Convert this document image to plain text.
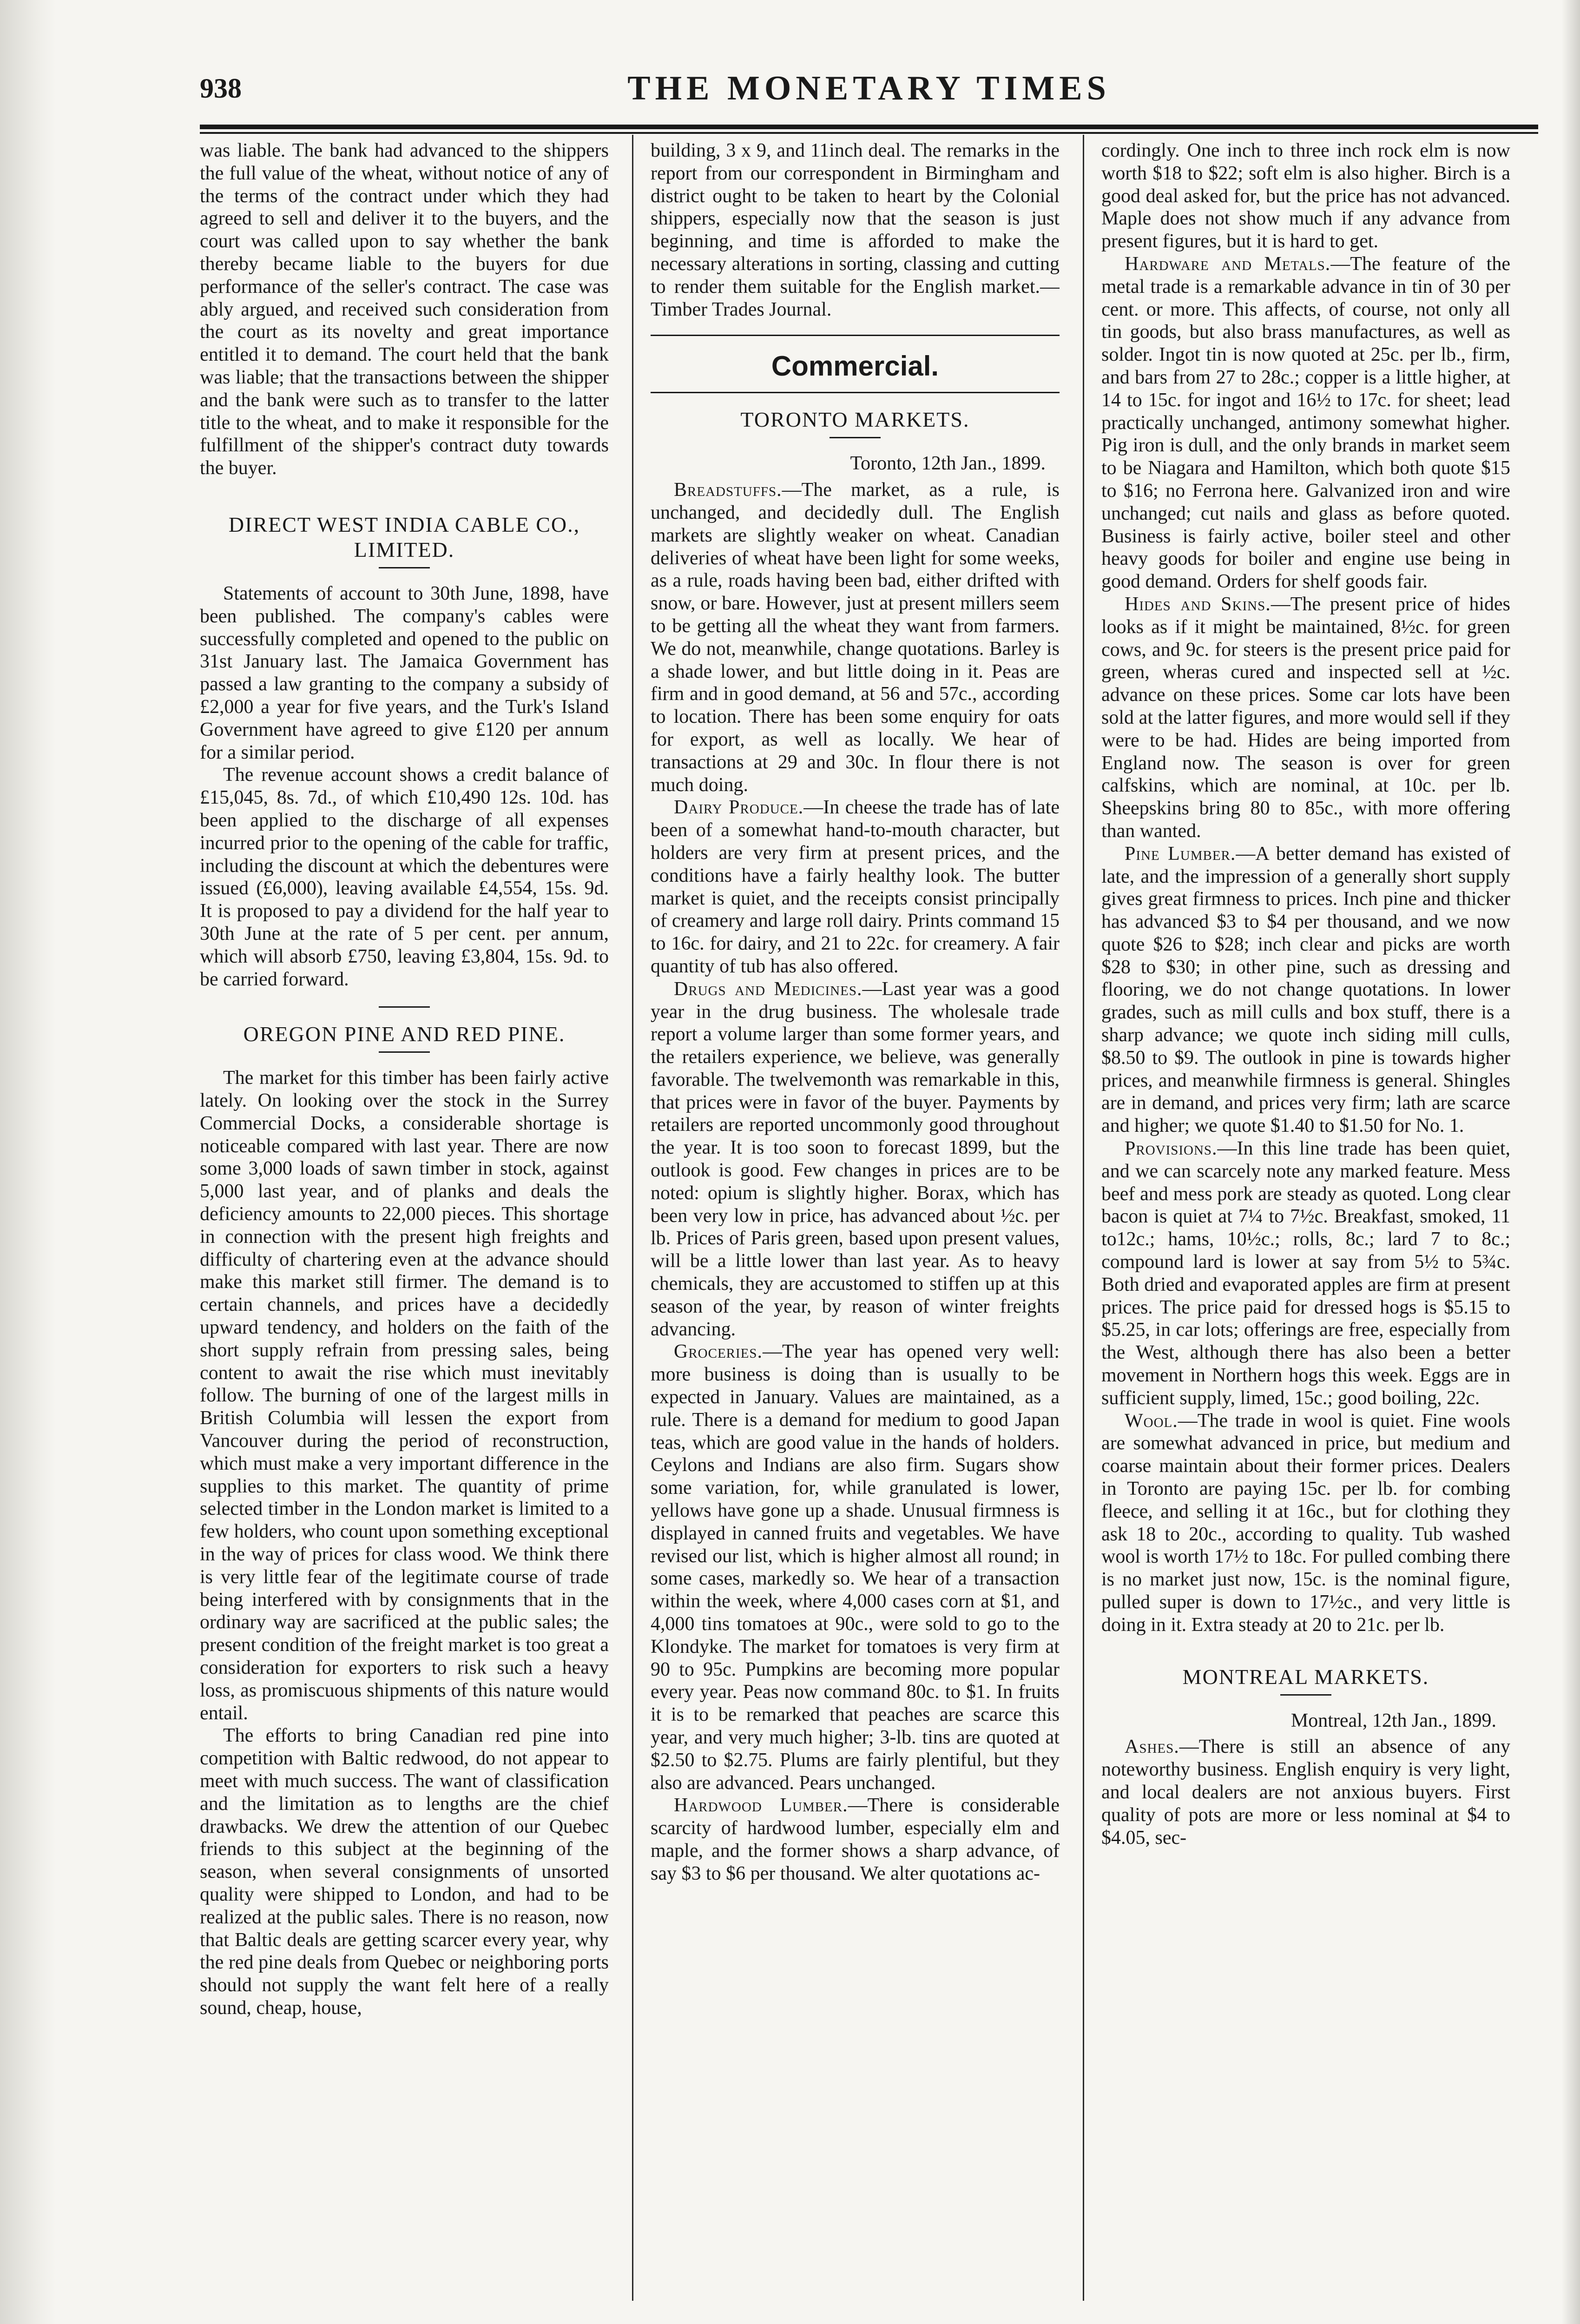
938	THE MONETARY TIMES

was liable. The bank had advanced to the shippers the full value of the wheat, without notice of any of the terms of the contract under which they had agreed to sell and deliver it to the buyers, and the court was called upon to say whether the bank thereby became liable to the buyers for due performance of the seller's contract. The case was ably argued, and received such consideration from the court as its novelty and great importance entitled it to demand. The court held that the bank was liable; that the transactions between the shipper and the bank were such as to transfer to the latter title to the wheat, and to make it responsible for the fulfillment of the shipper's contract duty towards the buyer.

DIRECT WEST INDIA CABLE CO., LIMITED.

Statements of account to 30th June, 1898, have been published. The company's cables were successfully completed and opened to the public on 31st January last. The Jamaica Government has passed a law granting to the company a subsidy of £2,000 a year for five years, and the Turk's Island Government have agreed to give £120 per annum for a similar period.

The revenue account shows a credit balance of £15,045, 8s. 7d., of which £10,490 12s. 10d. has been applied to the discharge of all expenses incurred prior to the opening of the cable for traffic, including the discount at which the debentures were issued (£6,000), leaving available £4,554, 15s. 9d. It is proposed to pay a dividend for the half year to 30th June at the rate of 5 per cent. per annum, which will absorb £750, leaving £3,804, 15s. 9d. to be carried forward.

OREGON PINE AND RED PINE.

The market for this timber has been fairly active lately. On looking over the stock in the Surrey Commercial Docks, a considerable shortage is noticeable compared with last year. There are now some 3,000 loads of sawn timber in stock, against 5,000 last year, and of planks and deals the deficiency amounts to 22,000 pieces. This shortage in connection with the present high freights and difficulty of chartering even at the advance should make this market still firmer. The demand is to certain channels, and prices have a decidedly upward tendency, and holders on the faith of the short supply refrain from pressing sales, being content to await the rise which must inevitably follow. The burning of one of the largest mills in British Columbia will lessen the export from Vancouver during the period of reconstruction, which must make a very important difference in the supplies to this market. The quantity of prime selected timber in the London market is limited to a few holders, who count upon something exceptional in the way of prices for class wood. We think there is very little fear of the legitimate course of trade being interfered with by consignments that in the ordinary way are sacrificed at the public sales; the present condition of the freight market is too great a consideration for exporters to risk such a heavy loss, as promiscuous shipments of this nature would entail.

The efforts to bring Canadian red pine into competition with Baltic redwood, do not appear to meet with much success. The want of classification and the limitation as to lengths are the chief drawbacks. We drew the attention of our Quebec friends to this subject at the beginning of the season, when several consignments of unsorted quality were shipped to London, and had to be realized at the public sales. There is no reason, now that Baltic deals are getting scarcer every year, why the red pine deals from Quebec or neighboring ports should not supply the want felt here of a really sound, cheap, house,

building, 3 x 9, and 11inch deal. The remarks in the report from our correspondent in Birmingham and district ought to be taken to heart by the Colonial shippers, especially now that the season is just beginning, and time is afforded to make the necessary alterations in sorting, classing and cutting to render them suitable for the English market.—Timber Trades Journal.

Commercial.
TORONTO MARKETS.

Toronto, 12th Jan., 1899.

Breadstuffs.—The market, as a rule, is unchanged, and decidedly dull. The English markets are slightly weaker on wheat. Canadian deliveries of wheat have been light for some weeks, as a rule, roads having been bad, either drifted with snow, or bare. However, just at present millers seem to be getting all the wheat they want from farmers. We do not, meanwhile, change quotations. Barley is a shade lower, and but little doing in it. Peas are firm and in good demand, at 56 and 57c., according to location. There has been some enquiry for oats for export, as well as locally. We hear of transactions at 29 and 30c. In flour there is not much doing.

Dairy Produce.—In cheese the trade has of late been of a somewhat hand-to-mouth character, but holders are very firm at present prices, and the conditions have a fairly healthy look. The butter market is quiet, and the receipts consist principally of creamery and large roll dairy. Prints command 15 to 16c. for dairy, and 21 to 22c. for creamery. A fair quantity of tub has also offered.

Drugs and Medicines.—Last year was a good year in the drug business. The wholesale trade report a volume larger than some former years, and the retailers experience, we believe, was generally favorable. The twelvemonth was remarkable in this, that prices were in favor of the buyer. Payments by retailers are reported uncommonly good throughout the year. It is too soon to forecast 1899, but the outlook is good. Few changes in prices are to be noted: opium is slightly higher. Borax, which has been very low in price, has advanced about ½c. per lb. Prices of Paris green, based upon present values, will be a little lower than last year. As to heavy chemicals, they are accustomed to stiffen up at this season of the year, by reason of winter freights advancing.

Groceries.—The year has opened very well: more business is doing than is usually to be expected in January. Values are maintained, as a rule. There is a demand for medium to good Japan teas, which are good value in the hands of holders. Ceylons and Indians are also firm. Sugars show some variation, for, while granulated is lower, yellows have gone up a shade. Unusual firmness is displayed in canned fruits and vegetables. We have revised our list, which is higher almost all round; in some cases, markedly so. We hear of a transaction within the week, where 4,000 cases corn at $1, and 4,000 tins tomatoes at 90c., were sold to go to the Klondyke. The market for tomatoes is very firm at 90 to 95c. Pumpkins are becoming more popular every year. Peas now command 80c. to $1. In fruits it is to be remarked that peaches are scarce this year, and very much higher; 3-lb. tins are quoted at $2.50 to $2.75. Plums are fairly plentiful, but they also are advanced. Pears unchanged.

Hardwood Lumber.—There is considerable scarcity of hardwood lumber, especially elm and maple, and the former shows a sharp advance, of say $3 to $6 per thousand. We alter quotations ac-

cordingly. One inch to three inch rock elm is now worth $18 to $22; soft elm is also higher. Birch is a good deal asked for, but the price has not advanced. Maple does not show much if any advance from present figures, but it is hard to get.

Hardware and Metals.—The feature of the metal trade is a remarkable advance in tin of 30 per cent. or more. This affects, of course, not only all tin goods, but also brass manufactures, as well as solder. Ingot tin is now quoted at 25c. per lb., firm, and bars from 27 to 28c.; copper is a little higher, at 14 to 15c. for ingot and 16½ to 17c. for sheet; lead practically unchanged, antimony somewhat higher. Pig iron is dull, and the only brands in market seem to be Niagara and Hamilton, which both quote $15 to $16; no Ferrona here. Galvanized iron and wire unchanged; cut nails and glass as before quoted. Business is fairly active, boiler steel and other heavy goods for boiler and engine use being in good demand. Orders for shelf goods fair.

Hides and Skins.—The present price of hides looks as if it might be maintained, 8½c. for green cows, and 9c. for steers is the present price paid for green, wheras cured and inspected sell at ½c. advance on these prices. Some car lots have been sold at the latter figures, and more would sell if they were to be had. Hides are being imported from England now. The season is over for green calfskins, which are nominal, at 10c. per lb. Sheepskins bring 80 to 85c., with more offering than wanted.

Pine Lumber.—A better demand has existed of late, and the impression of a generally short supply gives great firmness to prices. Inch pine and thicker has advanced $3 to $4 per thousand, and we now quote $26 to $28; inch clear and picks are worth $28 to $30; in other pine, such as dressing and flooring, we do not change quotations. In lower grades, such as mill culls and box stuff, there is a sharp advance; we quote inch siding mill culls, $8.50 to $9. The outlook in pine is towards higher prices, and meanwhile firmness is general. Shingles are in demand, and prices very firm; lath are scarce and higher; we quote $1.40 to $1.50 for No. 1.

Provisions.—In this line trade has been quiet, and we can scarcely note any marked feature. Mess beef and mess pork are steady as quoted. Long clear bacon is quiet at 7¼ to 7½c. Breakfast, smoked, 11 to12c.; hams, 10½c.; rolls, 8c.; lard 7 to 8c.; compound lard is lower at say from 5½ to 5¾c. Both dried and evaporated apples are firm at present prices. The price paid for dressed hogs is $5.15 to $5.25, in car lots; offerings are free, especially from the West, although there has also been a better movement in Northern hogs this week. Eggs are in sufficient supply, limed, 15c.; good boiling, 22c.

Wool.—The trade in wool is quiet. Fine wools are somewhat advanced in price, but medium and coarse maintain about their former prices. Dealers in Toronto are paying 15c. per lb. for combing fleece, and selling it at 16c., but for clothing they ask 18 to 20c., according to quality. Tub washed wool is worth 17½ to 18c. For pulled combing there is no market just now, 15c. is the nominal figure, pulled super is down to 17½c., and very little is doing in it. Extra steady at 20 to 21c. per lb.

MONTREAL MARKETS.

Montreal, 12th Jan., 1899.

Ashes.—There is still an absence of any noteworthy business. English enquiry is very light, and local dealers are not anxious buyers. First quality of pots are more or less nominal at $4 to $4.05, sec-
